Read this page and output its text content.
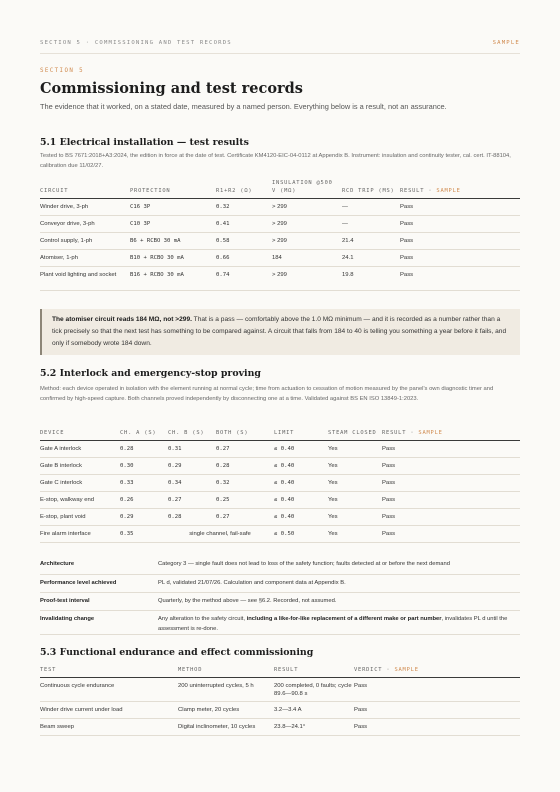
SECTION 5 · COMMISSIONING AND TEST RECORDS	SAMPLE
SECTION 5
Commissioning and test records

The evidence that it worked, on a stated date, measured by a named person. Everything below is a result, not an assurance.

5.1 Electrical installation — test results

Tested to BS 7671:2018+A3:2024, the edition in force at the date of test. Certificate KM4120-EIC-04-0112 at Appendix B. Instrument: insulation and continuity tester, cal. cert. IT-88104, calibration due 11/02/27.

CIRCUIT	PROTECTION	R1+R2 (Ω)	INSULATION @500 V (MΩ)	RCD TRIP (MS)	RESULT · SAMPLE
Winder drive, 3-ph	C16 3P	0.32	> 299	—	Pass
Conveyor drive, 3-ph	C10 3P	0.41	> 299	—	Pass
Control supply, 1-ph	B6 + RCBO 30 mA	0.58	> 299	21.4	Pass
Atomiser, 1-ph	B10 + RCBO 30 mA	0.66	184	24.1	Pass
Plant void lighting and socket	B16 + RCBO 30 mA	0.74	> 299	19.8	Pass
The atomiser circuit reads 184 MΩ, not >299. That is a pass — comfortably above the 1.0 MΩ minimum — and it is recorded as a number rather than a tick precisely so that the next test has something to be compared against. A circuit that falls from 184 to 40 is telling you something a year before it fails, and only if somebody wrote 184 down.
5.2 Interlock and emergency-stop proving

Method: each device operated in isolation with the element running at normal cycle; time from actuation to cessation of motion measured by the panel's own diagnostic timer and confirmed by high-speed capture. Both channels proved independently by disconnecting one at a time. Validated against BS EN ISO 13849-1:2023.

DEVICE	CH. A (S)	CH. B (S)	BOTH (S)	LIMIT	STEAM CLOSED	RESULT · SAMPLE
Gate A interlock	0.28	0.31	0.27	≤ 0.40	Yes	Pass
Gate B interlock	0.30	0.29	0.28	≤ 0.40	Yes	Pass
Gate C interlock	0.33	0.34	0.32	≤ 0.40	Yes	Pass
E-stop, walkway end	0.26	0.27	0.25	≤ 0.40	Yes	Pass
E-stop, plant void	0.29	0.28	0.27	≤ 0.40	Yes	Pass
Fire alarm interface	0.35	single channel, fail-safe		≤ 0.50	Yes	Pass
Architecture	Category 3 — single fault does not lead to loss of the safety function; faults detected at or before the next demand
Performance level achieved	PL d, validated 21/07/26. Calculation and component data at Appendix B.
Proof-test interval	Quarterly, by the method above — see §6.2. Recorded, not assumed.
Invalidating change	Any alteration to the safety circuit, including a like-for-like replacement of a different make or part number, invalidates PL d until the assessment is re-done.
5.3 Functional endurance and effect commissioning
TEST	METHOD	RESULT	VERDICT · SAMPLE
Continuous cycle endurance	200 uninterrupted cycles, 5 h	200 completed, 0 faults; cycle 89.6—90.8 s	Pass
Winder drive current under load	Clamp meter, 20 cycles	3.2—3.4 A	Pass
Beam sweep	Digital inclinometer, 10 cycles	23.8—24.1°	Pass
